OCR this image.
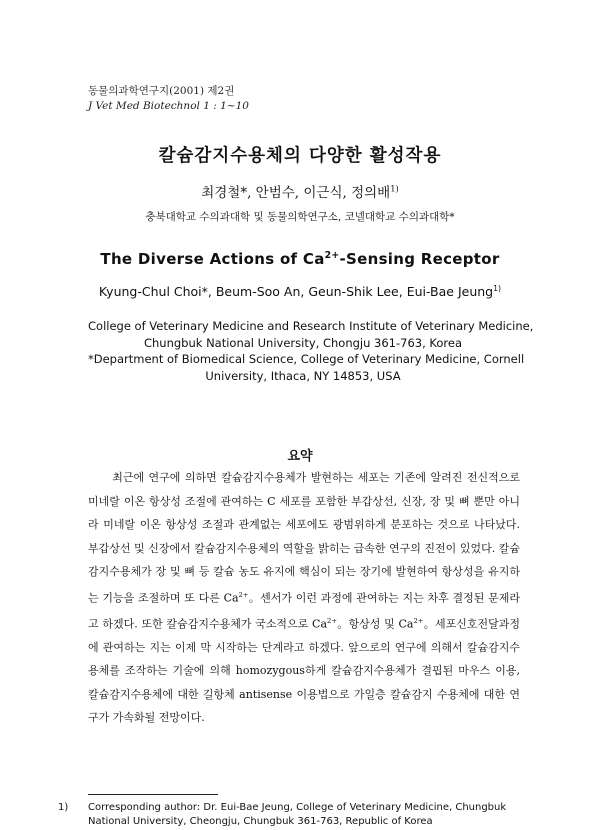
동물의과학연구지(2001) 제2권
J Vet Med Biotechnol 1 : 1~10
칼슘감지수용체의 다양한 활성작용
최경철*, 안범수, 이근식, 정의배$^{1)}$
충북대학교 수의과대학 및 동물의학연구소, 코넬대학교 수의과대학*
The Diverse Actions of $Ca^{2+}$-Sensing Receptor
Kyung-Chul Choi*, Beum-Soo An, Geun-Shik Lee, Eui-Bae Jeung$^{1)}$
College of Veterinary Medicine and Research Institute of Veterinary Medicine,
Chungbuk National University, Chongju 361-763, Korea
*Department of Biomedical Science, College of Veterinary Medicine, Cornell
University, Ithaca, NY 14853, USA
요약
최근에 연구에 의하면 칼슘감지수용체가 발현하는 세포는 기존에 알려진 전신적으로 미네랄 이온 항상성 조절에 관여하는 C 세포를 포함한 부갑상선, 신장, 장 및 뼈 뿐만 아니라 미네랄 이온 항상성 조절과 관계없는 세포에도 광범위하게 분포하는 것으로 나타났다. 부갑상선 및 신장에서 칼슘감지수용체의 역할을 밝히는 급속한 연구의 진전이 있었다. 칼슘감지수용체가 장 및 뼈 등 칼슘 농도 유지에 핵심이 되는 장기에 발현하여 항상성을 유지하는 기능을 조절하며 또 다른 $Ca^{2+}$。센서가 이런 과정에 관여하는 지는 차후 결정된 문제라고 하겠다. 또한 칼슘감지수용체가 국소적으로 $Ca^{2+}$。항상성 및 $Ca^{2+}$。세포신호전달과정에 관여하는 지는 이제 막 시작하는 단계라고 하겠다. 앞으로의 연구에 의해서 칼슘감지수용체를 조작하는 기술에 의해 homozygous하게 칼슘감지수용체가 결핍된 마우스 이용, 칼슘감지수용체에 대한 길항체 antisense 이용법으로 가일층 칼슘감지 수용체에 대한 연구가 가속화될 전망이다.
1) Corresponding author: Dr. Eui-Bae Jeung, College of Veterinary Medicine, Chungbuk National University, Cheongju, Chungbuk 361-763, Republic of Korea
